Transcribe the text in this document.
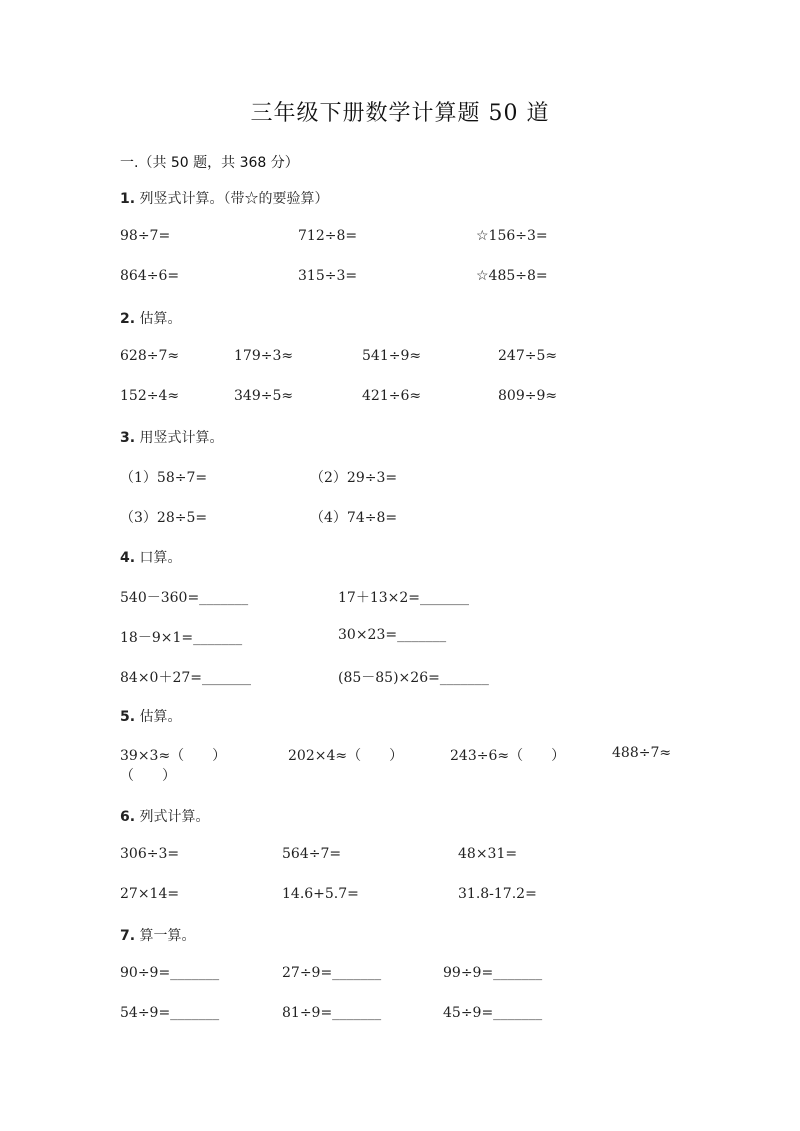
三年级下册数学计算题 50 道
一.（共 50 题，共 368 分）
1. 列竖式计算。（带☆的要验算）
98÷7=	712÷8=	☆156÷3=
864÷6=	315÷3=	☆485÷8=
2. 估算。
628÷7≈	179÷3≈	541÷9≈	247÷5≈
152÷4≈	349÷5≈	421÷6≈	809÷9≈
3. 用竖式计算。
（1）58÷7=	（2）29÷3=
（3）28÷5=	（4）74÷8=
4. 口算。
540－360=_______	17＋13×2=_______
18－9×1=_______	30×23=_______
84×0＋27=_______	(85－85)×26=_______
5. 估算。
39×3≈（　　）	202×4≈（　　）	243÷6≈（　　）	488÷7≈
（　　）
6. 列式计算。
306÷3=	564÷7=	48×31=
27×14=	14.6+5.7=	31.8-17.2=
7. 算一算。
90÷9=_______	27÷9=_______	99÷9=_______
54÷9=_______	81÷9=_______	45÷9=_______
